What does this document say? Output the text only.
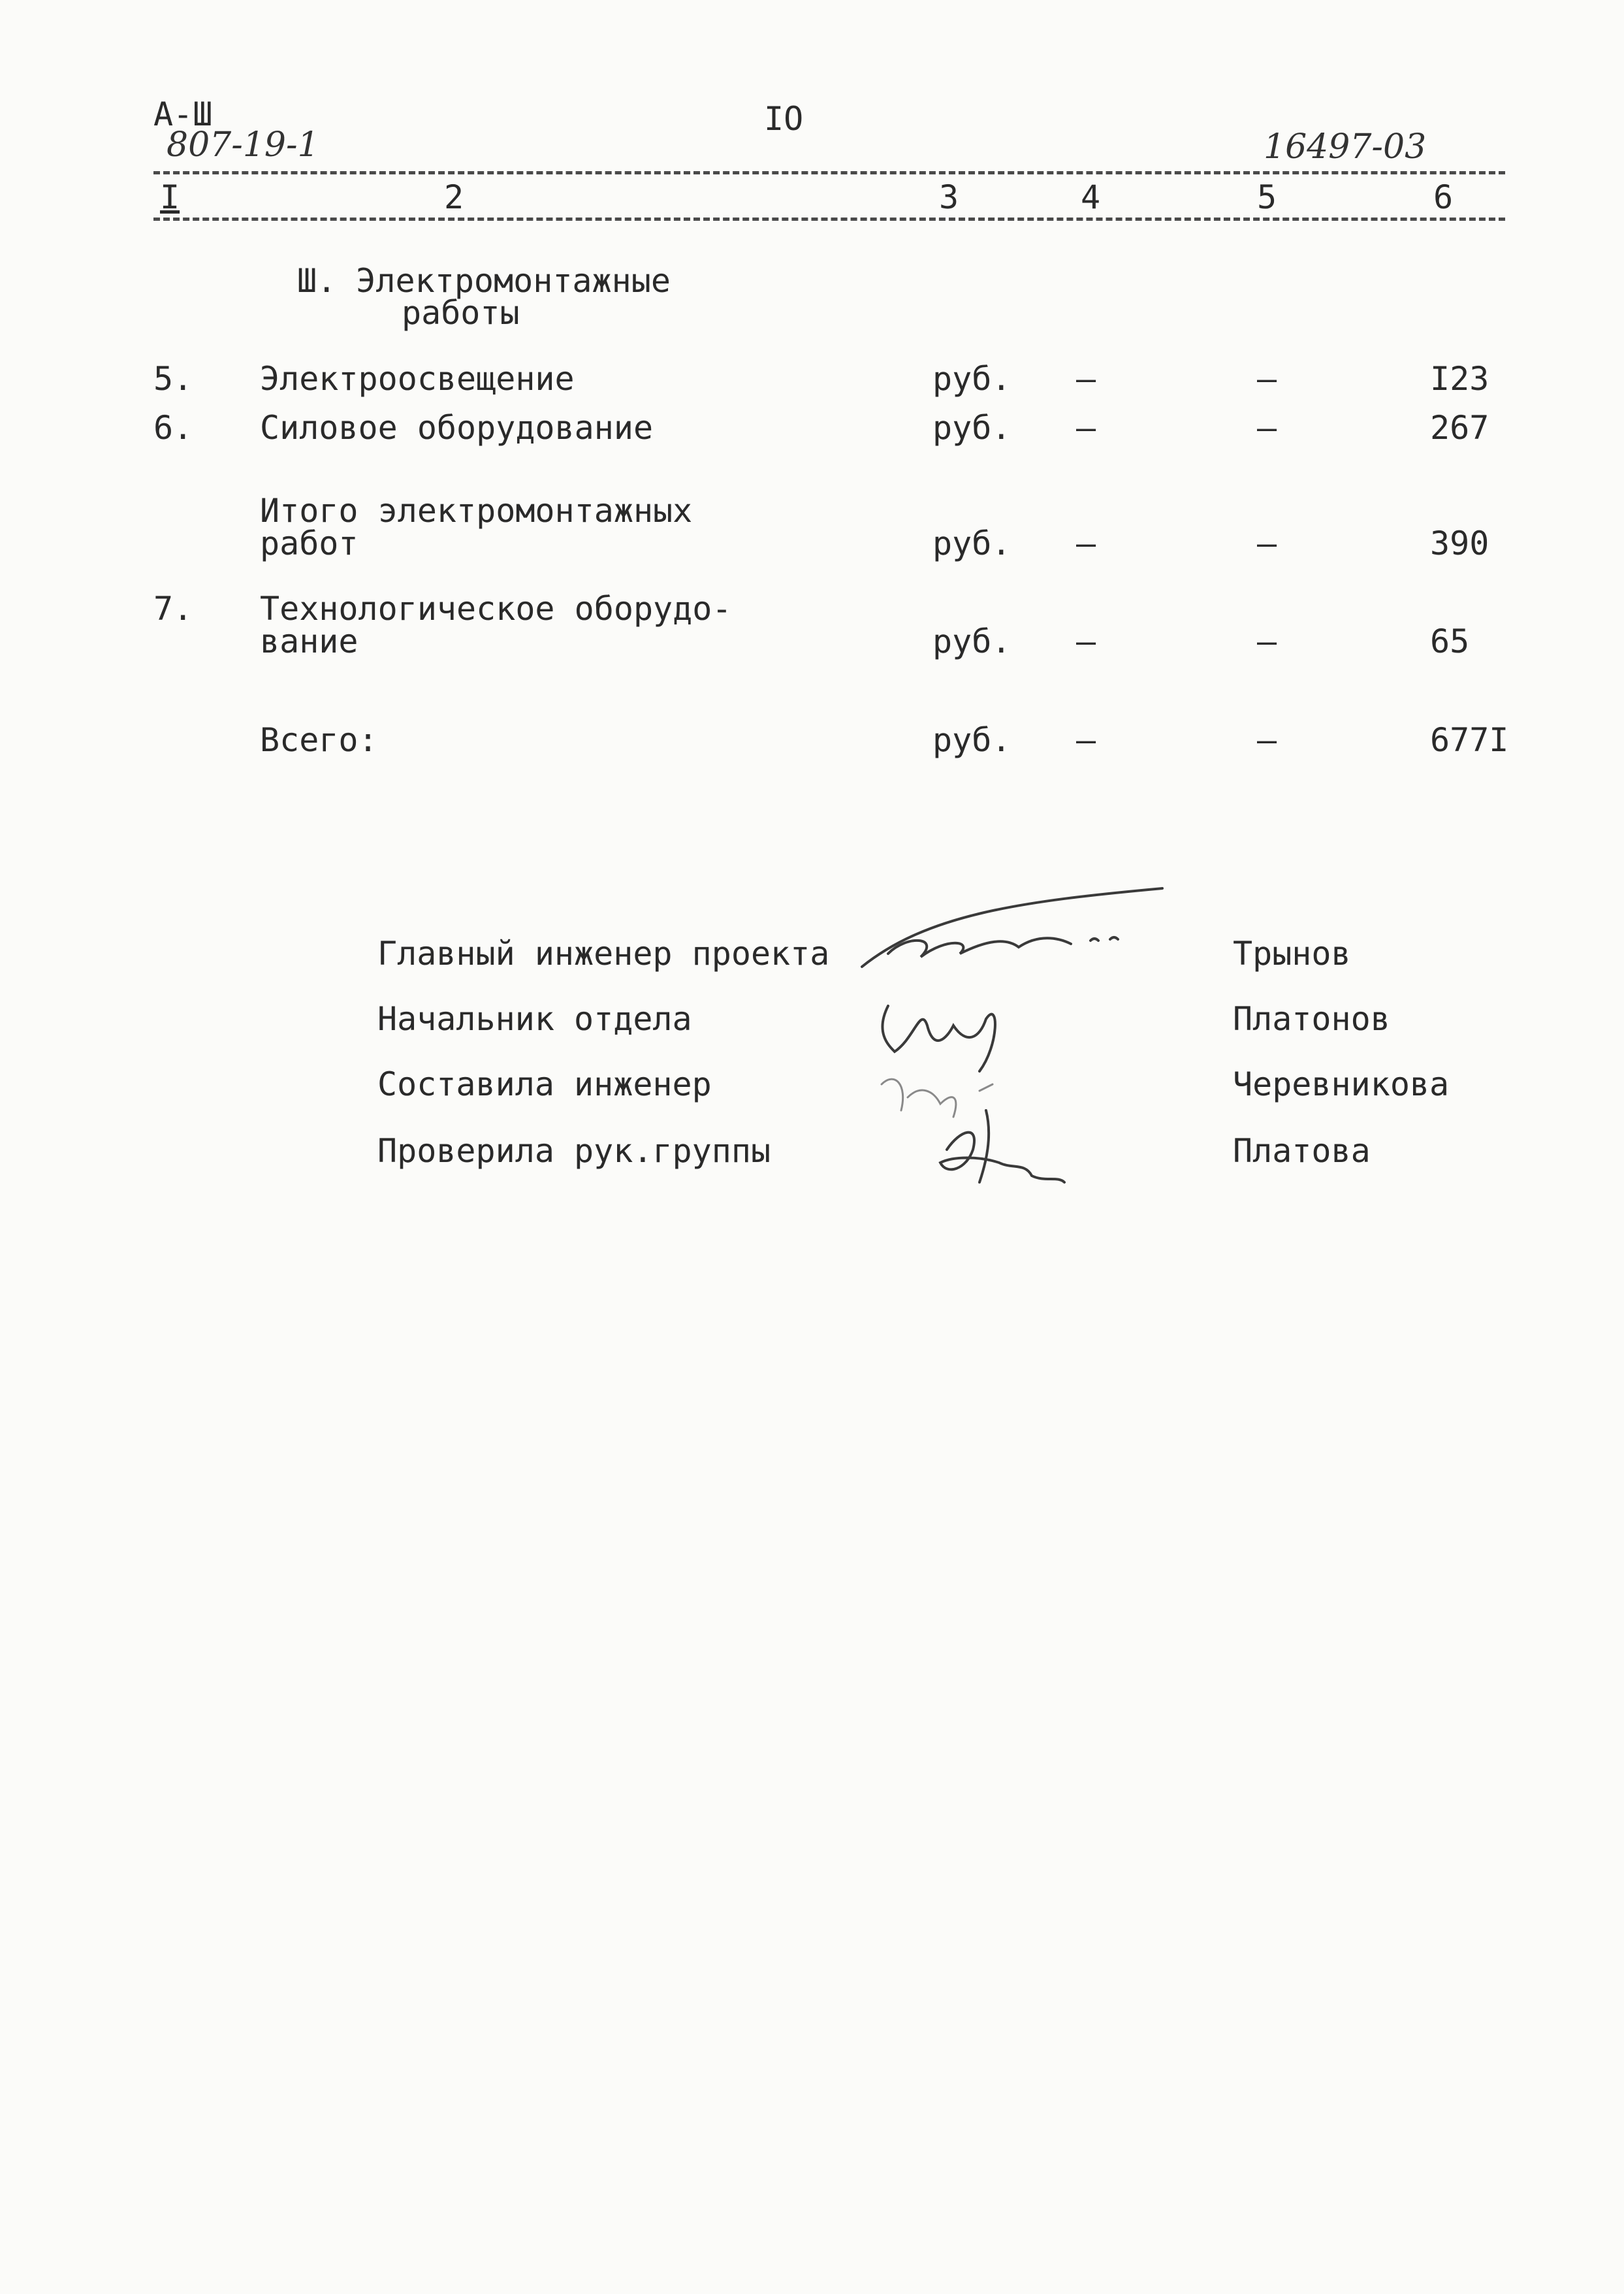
А-Ш
807-19-1
IO
16497-03
I	2	3	4	5	6
Ш. Электромонтажные
работы
5. Электроосвещение	руб. –	–	I23
6. Силовое оборудование	руб. –	–	267
Итого электромонтажных
работ	руб. –	–	390
7. Технологическое оборудо-
вание	руб. –	–	65
Всего:	руб. –	–	677I
Главный инженер проекта	Трынов
Начальник отдела	Платонов
Составила инженер	Черевникова
Проверила рук.группы	Платова
